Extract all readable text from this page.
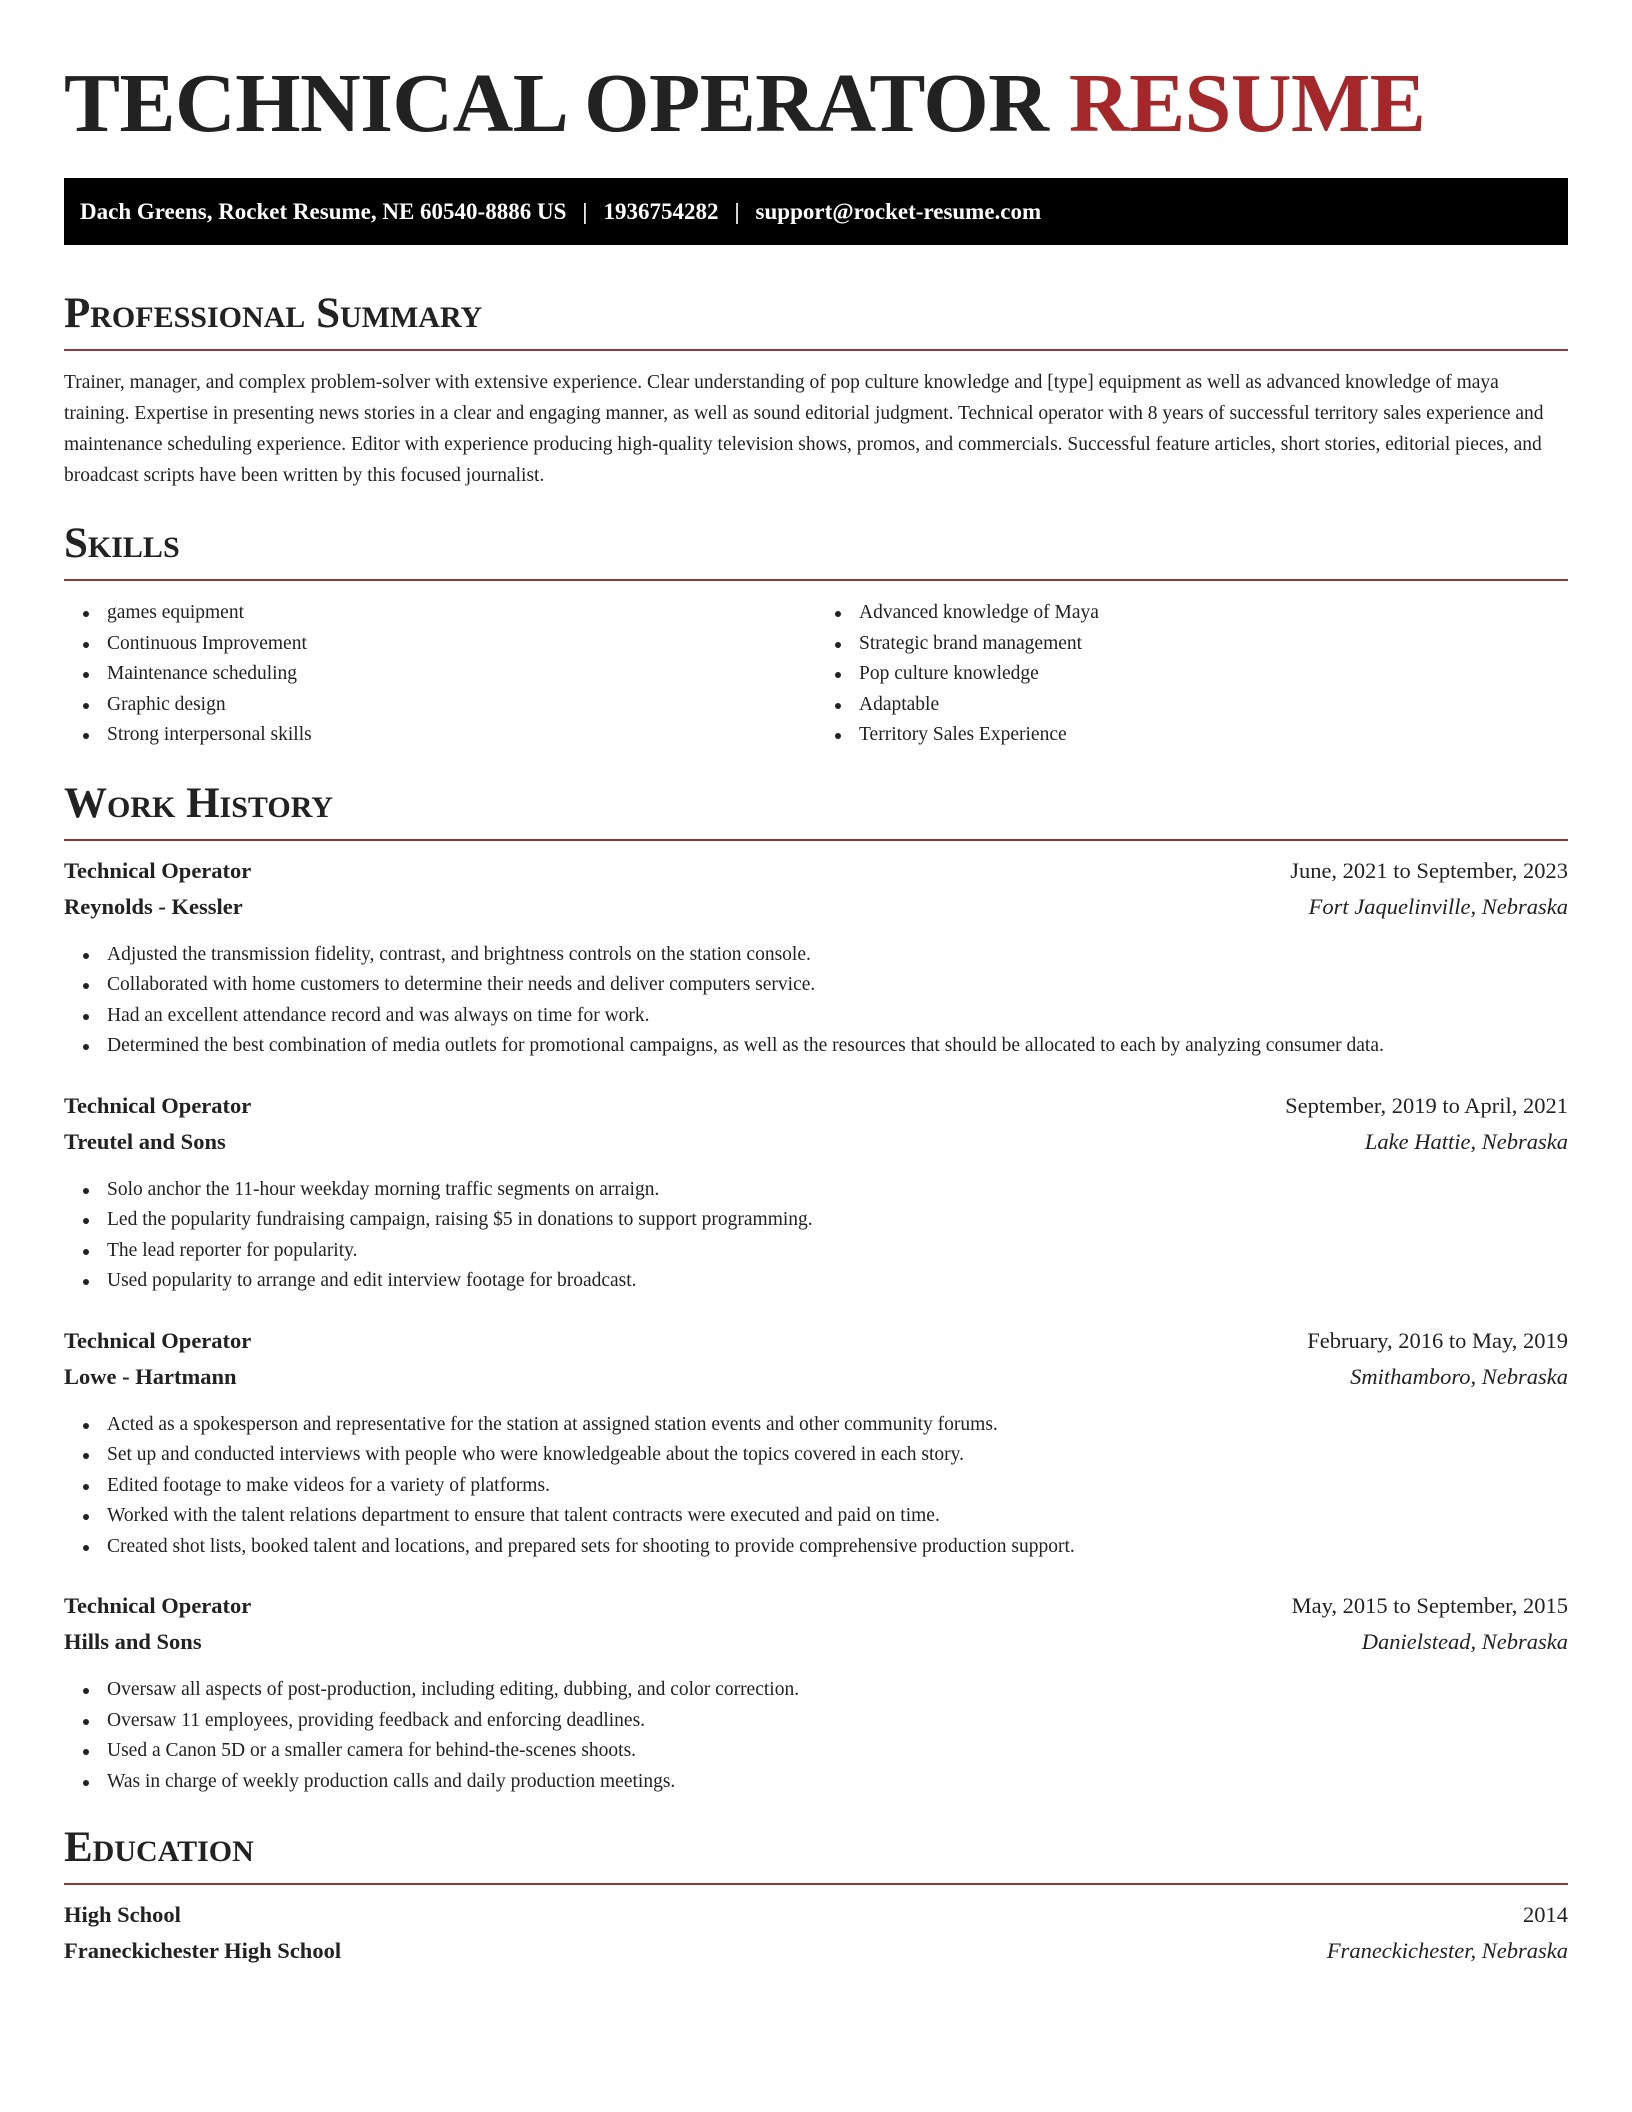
TECHNICAL OPERATOR RESUME
Dach Greens, Rocket Resume, NE 60540-8886 US | 1936754282 | support@rocket-resume.com
Professional Summary

Trainer, manager, and complex problem-solver with extensive experience. Clear understanding of pop culture knowledge and [type] equipment as well as advanced knowledge of maya training. Expertise in presenting news stories in a clear and engaging manner, as well as sound editorial judgment. Technical operator with 8 years of successful territory sales experience and maintenance scheduling experience. Editor with experience producing high-quality television shows, promos, and commercials. Successful feature articles, short stories, editorial pieces, and broadcast scripts have been written by this focused journalist.

Skills
games equipment
Continuous Improvement
Maintenance scheduling
Graphic design
Strong interpersonal skills
Advanced knowledge of Maya
Strategic brand management
Pop culture knowledge
Adaptable
Territory Sales Experience
Work History
Technical Operator	June, 2021 to September, 2023
Reynolds - Kessler	Fort Jaquelinville, Nebraska
Adjusted the transmission fidelity, contrast, and brightness controls on the station console.
Collaborated with home customers to determine their needs and deliver computers service.
Had an excellent attendance record and was always on time for work.
Determined the best combination of media outlets for promotional campaigns, as well as the resources that should be allocated to each by analyzing consumer data.
Technical Operator	September, 2019 to April, 2021
Treutel and Sons	Lake Hattie, Nebraska
Solo anchor the 11-hour weekday morning traffic segments on arraign.
Led the popularity fundraising campaign, raising $5 in donations to support programming.
The lead reporter for popularity.
Used popularity to arrange and edit interview footage for broadcast.
Technical Operator	February, 2016 to May, 2019
Lowe - Hartmann	Smithamboro, Nebraska
Acted as a spokesperson and representative for the station at assigned station events and other community forums.
Set up and conducted interviews with people who were knowledgeable about the topics covered in each story.
Edited footage to make videos for a variety of platforms.
Worked with the talent relations department to ensure that talent contracts were executed and paid on time.
Created shot lists, booked talent and locations, and prepared sets for shooting to provide comprehensive production support.
Technical Operator	May, 2015 to September, 2015
Hills and Sons	Danielstead, Nebraska
Oversaw all aspects of post-production, including editing, dubbing, and color correction.
Oversaw 11 employees, providing feedback and enforcing deadlines.
Used a Canon 5D or a smaller camera for behind-the-scenes shoots.
Was in charge of weekly production calls and daily production meetings.
Education
High School	2014
Franeckichester High School	Franeckichester, Nebraska
